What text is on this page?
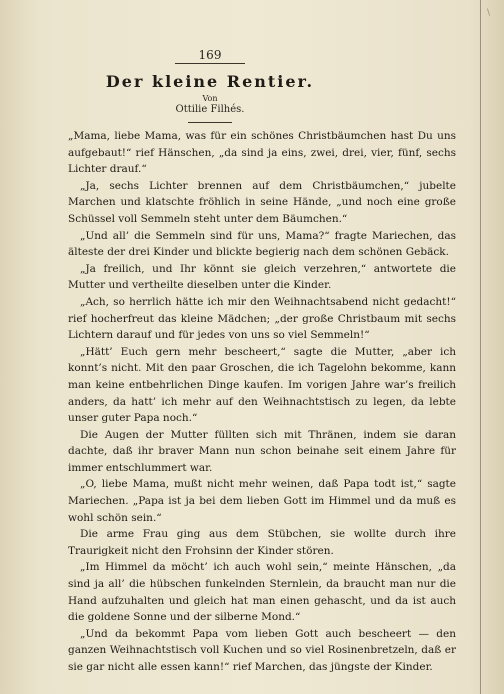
\
169
Der kleine Rentier.
Von
Ottilie Filhés.

„Mama, liebe Mama, was für ein schönes Christbäumchen hast Du uns aufgebaut!“ rief Hänschen, „da sind ja eins, zwei, drei, vier, fünf, sechs Lichter drauf.“

„Ja, sechs Lichter brennen auf dem Christbäumchen,“ jubelte Marchen und klatschte fröhlich in seine Hände, „und noch eine große Schüssel voll Semmeln steht unter dem Bäumchen.“

„Und all’ die Semmeln sind für uns, Mama?“ fragte Mariechen, das älteste der drei Kinder und blickte begierig nach dem schönen Gebäck.

„Ja freilich, und Ihr könnt sie gleich verzehren,“ antwortete die Mutter und vertheilte dieselben unter die Kinder.

„Ach, so herrlich hätte ich mir den Weihnachtsabend nicht gedacht!“ rief hocherfreut das kleine Mädchen; „der große Christbaum mit sechs Lichtern darauf und für jedes von uns so viel Semmeln!“

„Hätt’ Euch gern mehr bescheert,“ sagte die Mutter, „aber ich konnt’s nicht. Mit den paar Groschen, die ich Tagelohn bekomme, kann man keine entbehrlichen Dinge kaufen. Im vorigen Jahre war’s freilich anders, da hatt’ ich mehr auf den Weihnachtstisch zu legen, da lebte unser guter Papa noch.“

Die Augen der Mutter füllten sich mit Thränen, indem sie daran dachte, daß ihr braver Mann nun schon beinahe seit einem Jahre für immer entschlummert war.

„O, liebe Mama, mußt nicht mehr weinen, daß Papa todt ist,“ sagte Mariechen. „Papa ist ja bei dem lieben Gott im Himmel und da muß es wohl schön sein.“

Die arme Frau ging aus dem Stübchen, sie wollte durch ihre Traurigkeit nicht den Frohsinn der Kinder stören.

„Im Himmel da möcht’ ich auch wohl sein,“ meinte Hänschen, „da sind ja all’ die hübschen funkelnden Sternlein, da braucht man nur die Hand aufzuhalten und gleich hat man einen gehascht, und da ist auch die goldene Sonne und der silberne Mond.“

„Und da bekommt Papa vom lieben Gott auch bescheert — den ganzen Weihnachtstisch voll Kuchen und so viel Rosinenbretzeln, daß er sie gar nicht alle essen kann!“ rief Marchen, das jüngste der Kinder.
